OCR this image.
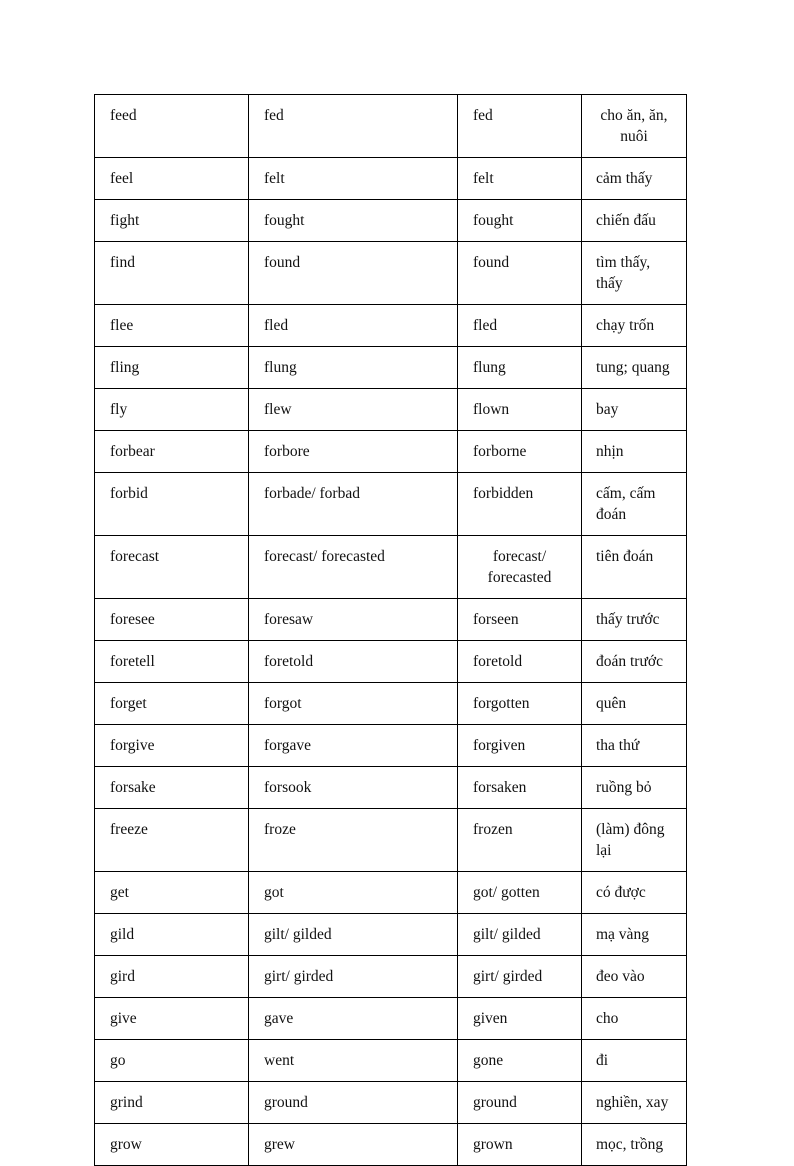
feed	fed	fed	cho ăn, ăn, nuôi
feel	felt	felt	cảm thấy
fight	fought	fought	chiến đấu
find	found	found	tìm thấy, thấy
flee	fled	fled	chạy trốn
fling	flung	flung	tung; quang
fly	flew	flown	bay
forbear	forbore	forborne	nhịn
forbid	forbade/ forbad	forbidden	cấm, cấm đoán
forecast	forecast/ forecasted	forecast/ forecasted	tiên đoán
foresee	foresaw	forseen	thấy trước
foretell	foretold	foretold	đoán trước
forget	forgot	forgotten	quên
forgive	forgave	forgiven	tha thứ
forsake	forsook	forsaken	ruồng bỏ
freeze	froze	frozen	(làm) đông lại
get	got	got/ gotten	có được
gild	gilt/ gilded	gilt/ gilded	mạ vàng
gird	girt/ girded	girt/ girded	đeo vào
give	gave	given	cho
go	went	gone	đi
grind	ground	ground	nghiền, xay
grow	grew	grown	mọc, trồng
